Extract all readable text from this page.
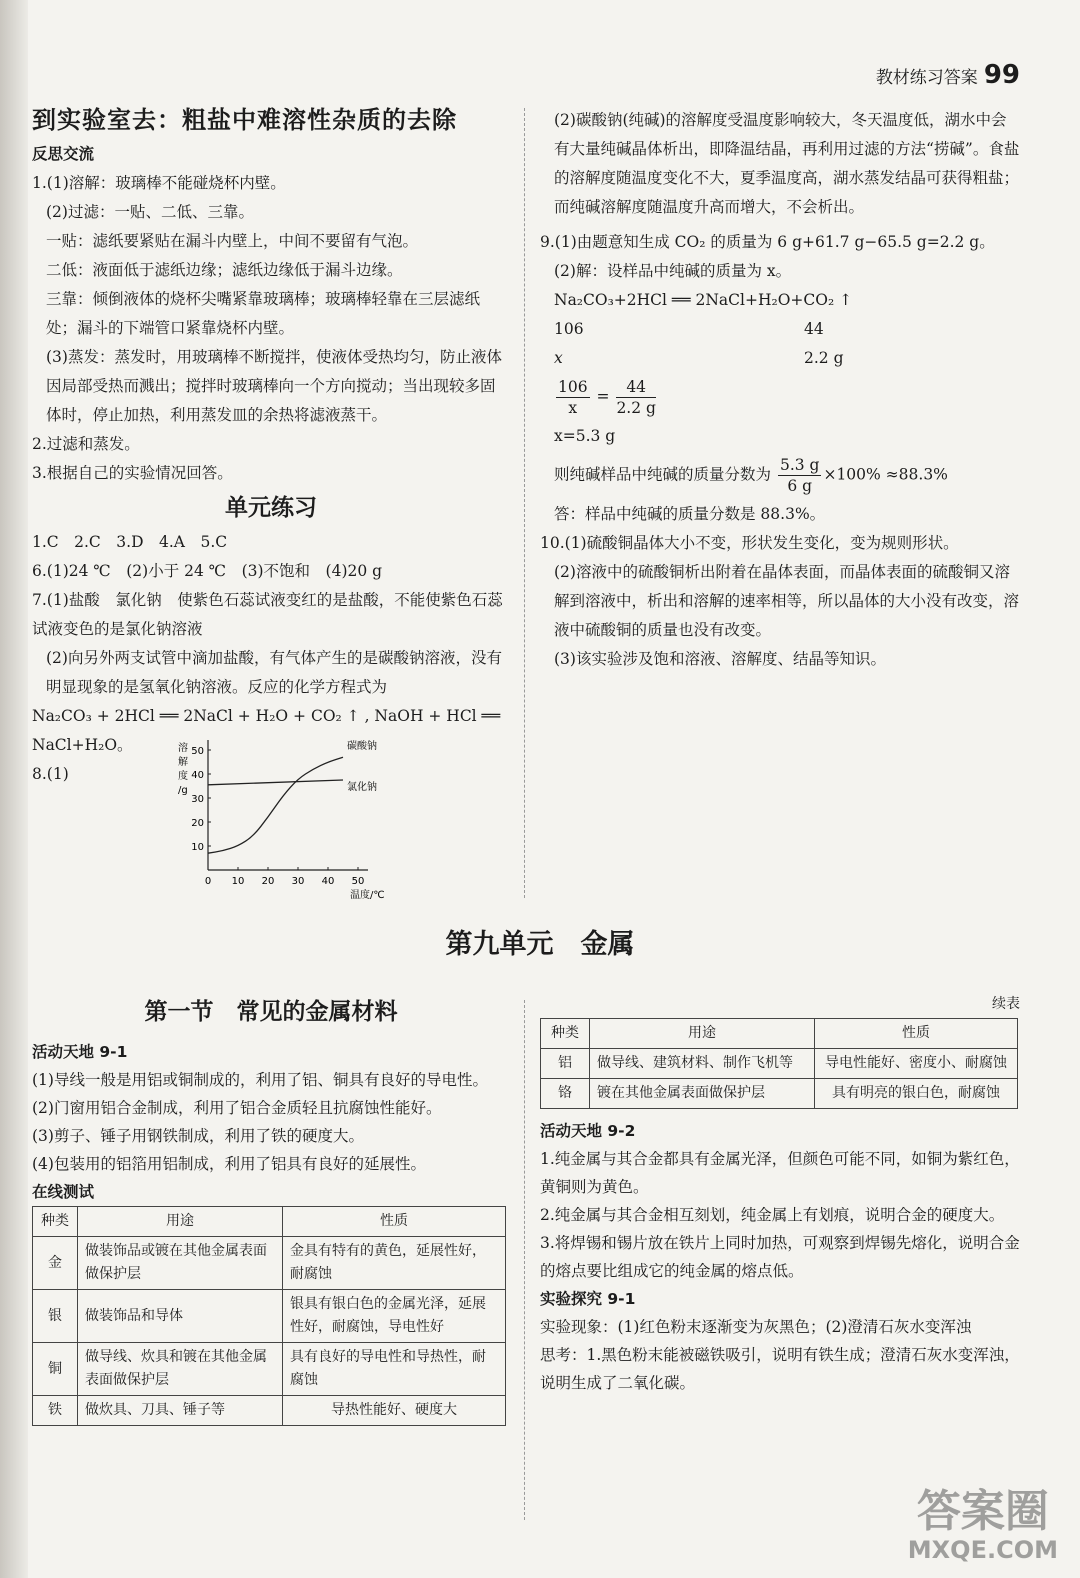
教材练习答案 99
到实验室去：粗盐中难溶性杂质的去除

反思交流

1.(1)溶解：玻璃棒不能碰烧杯内壁。

(2)过滤：一贴、二低、三靠。

一贴：滤纸要紧贴在漏斗内壁上，中间不要留有气泡。

二低：液面低于滤纸边缘；滤纸边缘低于漏斗边缘。

三靠：倾倒液体的烧杯尖嘴紧靠玻璃棒；玻璃棒轻靠在三层滤纸处；漏斗的下端管口紧靠烧杯内壁。

(3)蒸发：蒸发时，用玻璃棒不断搅拌，使液体受热均匀，防止液体因局部受热而溅出；搅拌时玻璃棒向一个方向搅动；当出现较多固体时，停止加热，利用蒸发皿的余热将滤液蒸干。

2.过滤和蒸发。

3.根据自己的实验情况回答。

单元练习

1.C　2.C　3.D　4.A　5.C

6.(1)24 ℃　(2)小于 24 ℃　(3)不饱和　(4)20 g

7.(1)盐酸　氯化钠　使紫色石蕊试液变红的是盐酸，不能使紫色石蕊试液变色的是氯化钠溶液

(2)向另外两支试管中滴加盐酸，有气体产生的是碳酸钠溶液，没有明显现象的是氢氧化钠溶液。反应的化学方程式为

Na₂CO₃ + 2HCl ══ 2NaCl + H₂O + CO₂ ↑ , NaOH + HCl ══

NaCl+H₂O。

8.(1)

0 10 20 30 40 50
10
20
30
40
50
溶
解
度
/g
温度/℃
碳酸钠
氯化钠

(2)碳酸钠(纯碱)的溶解度受温度影响较大，冬天温度低，湖水中会有大量纯碱晶体析出，即降温结晶，再利用过滤的方法“捞碱”。食盐的溶解度随温度变化不大，夏季温度高，湖水蒸发结晶可获得粗盐；而纯碱溶解度随温度升高而增大，不会析出。

9.(1)由题意知生成 CO₂ 的质量为 6 g+61.7 g−65.5 g=2.2 g。

(2)解：设样品中纯碱的质量为 x。

Na₂CO₃+2HCl ══ 2NaCl+H₂O+CO₂ ↑

106	44
x	2.2 g
$\frac{106}{x} = \frac{44}{2.2 g}$

x=5.3 g

则纯碱样品中纯碱的质量分数为 $\frac{5.3 g}{6 g} \times 100\% \approx 88.3\%$

答：样品中纯碱的质量分数是 88.3%。

10.(1)硫酸铜晶体大小不变，形状发生变化，变为规则形状。

(2)溶液中的硫酸铜析出附着在晶体表面，而晶体表面的硫酸铜又溶解到溶液中，析出和溶解的速率相等，所以晶体的大小没有改变，溶液中硫酸铜的质量也没有改变。

(3)该实验涉及饱和溶液、溶解度、结晶等知识。

第九单元　金属
第一节　常见的金属材料

活动天地 9-1

(1)导线一般是用铝或铜制成的，利用了铝、铜具有良好的导电性。

(2)门窗用铝合金制成，利用了铝合金质轻且抗腐蚀性能好。

(3)剪子、锤子用钢铁制成，利用了铁的硬度大。

(4)包装用的铝箔用铝制成，利用了铝具有良好的延展性。

在线测试

种类	用途	性质
金	做装饰品或镀在其他金属表面做保护层	金具有特有的黄色，延展性好，耐腐蚀
银	做装饰品和导体	银具有银白色的金属光泽，延展性好，耐腐蚀，导电性好
铜	做导线、炊具和镀在其他金属表面做保护层	具有良好的导电性和导热性，耐腐蚀
铁	做炊具、刀具、锤子等	导热性能好、硬度大

续表

种类	用途	性质
铝	做导线、建筑材料、制作飞机等	导电性能好、密度小、耐腐蚀
铬	镀在其他金属表面做保护层	具有明亮的银白色，耐腐蚀

活动天地 9-2

1.纯金属与其合金都具有金属光泽，但颜色可能不同，如铜为紫红色，黄铜则为黄色。

2.纯金属与其合金相互刻划，纯金属上有划痕，说明合金的硬度大。

3.将焊锡和锡片放在铁片上同时加热，可观察到焊锡先熔化，说明合金的熔点要比组成它的纯金属的熔点低。

实验探究 9-1

实验现象：(1)红色粉末逐渐变为灰黑色；(2)澄清石灰水变浑浊

思考：1.黑色粉末能被磁铁吸引，说明有铁生成；澄清石灰水变浑浊，说明生成了二氧化碳。

答案圈
MXQE.COM
